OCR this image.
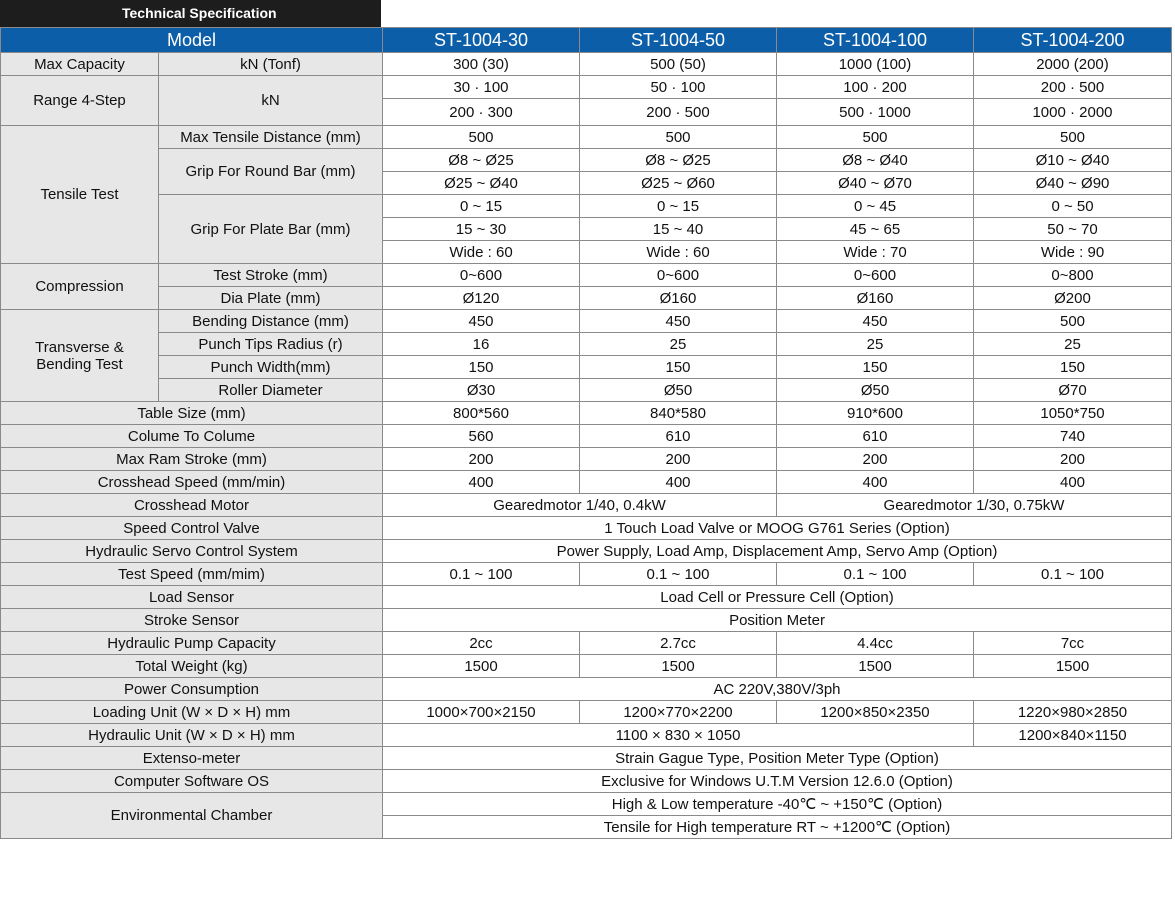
Technical Specification
Model		ST-1004-30	ST-1004-50	ST-1004-100	ST-1004-200
Max Capacity	kN (Tonf)	300 (30)	500 (50)	1000 (100)	2000 (200)
Range 4-Step	kN	30 · 100	50 · 100	100 · 200	200 · 500
		200 · 300	200 · 500	500 · 1000	1000 · 2000
Tensile Test	Max Tensile Distance (mm)	500	500	500	500
	Grip For Round Bar (mm)	Ø8 ~ Ø25	Ø8 ~ Ø25	Ø8 ~ Ø40	Ø10 ~ Ø40
		Ø25 ~ Ø40	Ø25 ~ Ø60	Ø40 ~ Ø70	Ø40 ~ Ø90
	Grip For Plate Bar (mm)	0 ~ 15	0 ~ 15	0 ~ 45	0 ~ 50
		15 ~ 30	15 ~ 40	45 ~ 65	50 ~ 70
		Wide : 60	Wide : 60	Wide : 70	Wide : 90
Compression	Test Stroke (mm)	0~600	0~600	0~600	0~800
	Dia Plate (mm)	Ø120	Ø160	Ø160	Ø200
Transverse &
Bending Test	Bending Distance (mm)	450	450	450	500
	Punch Tips Radius (r)	16	25	25	25
	Punch Width(mm)	150	150	150	150
	Roller Diameter	Ø30	Ø50	Ø50	Ø70
Table Size (mm)		800*560	840*580	910*600	1050*750
Colume To Colume		560	610	610	740
Max Ram Stroke (mm)		200	200	200	200
Crosshead Speed (mm/min)		400	400	400	400
Crosshead Motor		Gearedmotor 1/40, 0.4kW		Gearedmotor 1/30, 0.75kW	
Speed Control Valve		1 Touch Load Valve or MOOG G761 Series (Option)			
Hydraulic Servo Control System		Power Supply, Load Amp, Displacement Amp, Servo Amp (Option)			
Test Speed (mm/mim)		0.1 ~ 100	0.1 ~ 100	0.1 ~ 100	0.1 ~ 100
Load Sensor		Load Cell or Pressure Cell (Option)			
Stroke Sensor		Position Meter			
Hydraulic Pump Capacity		2cc	2.7cc	4.4cc	7cc
Total Weight (kg)		1500	1500	1500	1500
Power Consumption		AC 220V,380V/3ph			
Loading Unit (W × D × H) mm		1000×700×2150	1200×770×2200	1200×850×2350	1220×980×2850
Hydraulic Unit (W × D × H) mm		1100 × 830 × 1050			1200×840×1150
Extenso-meter		Strain Gague Type, Position Meter Type (Option)			
Computer Software OS		Exclusive for Windows U.T.M Version 12.6.0 (Option)			
Environmental Chamber		High & Low temperature -40℃ ~ +150℃ (Option)			
		Tensile for High temperature RT ~ +1200℃ (Option)			
